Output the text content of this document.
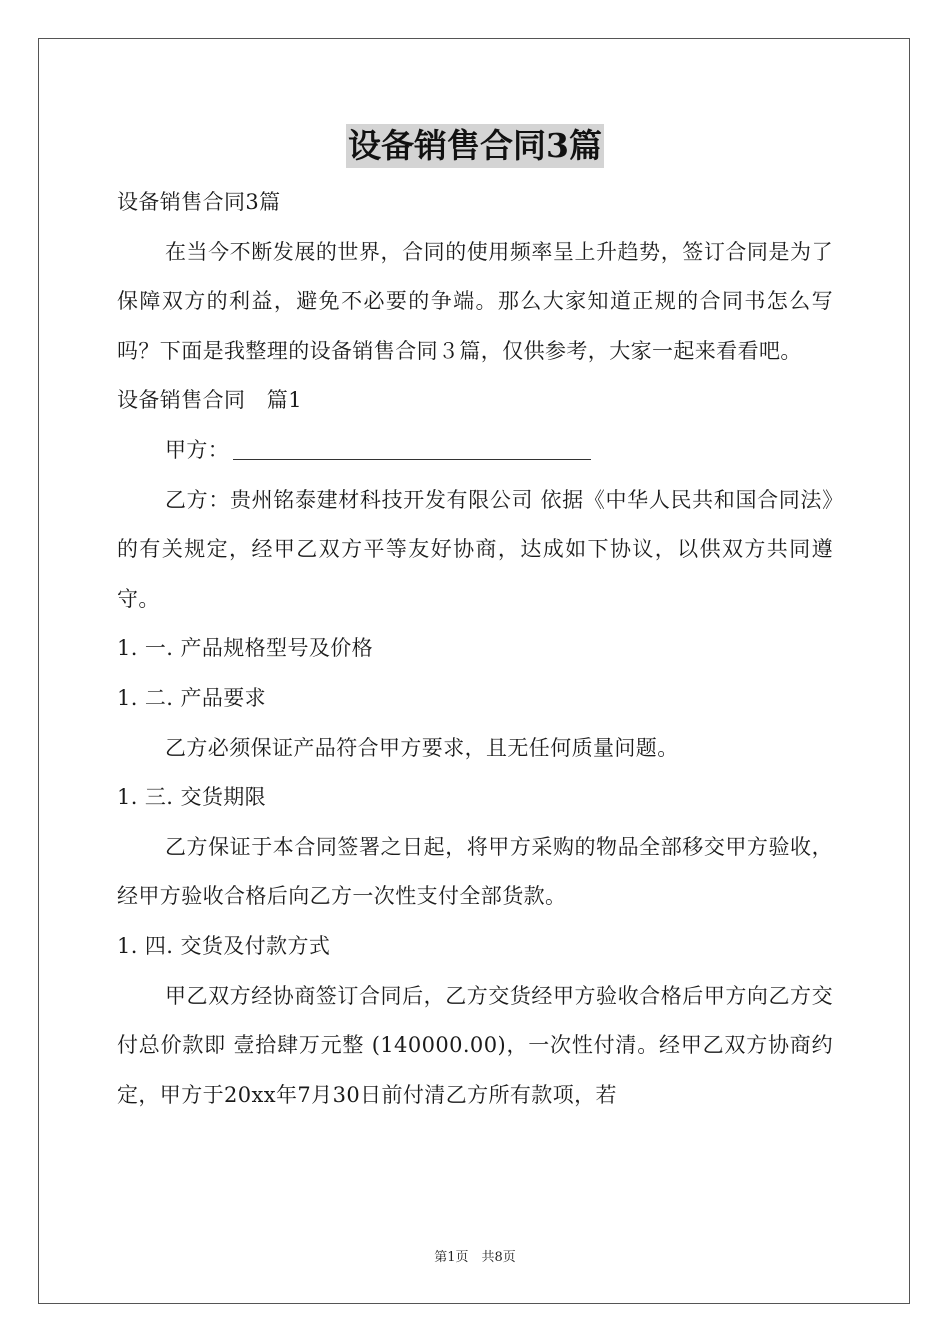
设备销售合同3篇

设备销售合同3篇

在当今不断发展的世界，合同的使用频率呈上升趋势，签订合同是为了保障双方的利益，避免不必要的争端。那么大家知道正规的合同书怎么写吗？下面是我整理的设备销售合同３篇，仅供参考，大家一起来看看吧。

设备销售合同　篇1

甲方：

乙方：贵州铭泰建材科技开发有限公司 依据《中华人民共和国合同法》的有关规定，经甲乙双方平等友好协商，达成如下协议，以供双方共同遵守。

1. 一. 产品规格型号及价格

1. 二. 产品要求

乙方必须保证产品符合甲方要求，且无任何质量问题。

1. 三. 交货期限

乙方保证于本合同签署之日起，将甲方采购的物品全部移交甲方验收，经甲方验收合格后向乙方一次性支付全部货款。

1. 四. 交货及付款方式

甲乙双方经协商签订合同后，乙方交货经甲方验收合格后甲方向乙方交付总价款即 壹拾肆万元整 (140000.00)，一次性付清。经甲乙双方协商约定，甲方于20xx年7月30日前付清乙方所有款项，若

第1页　共8页
